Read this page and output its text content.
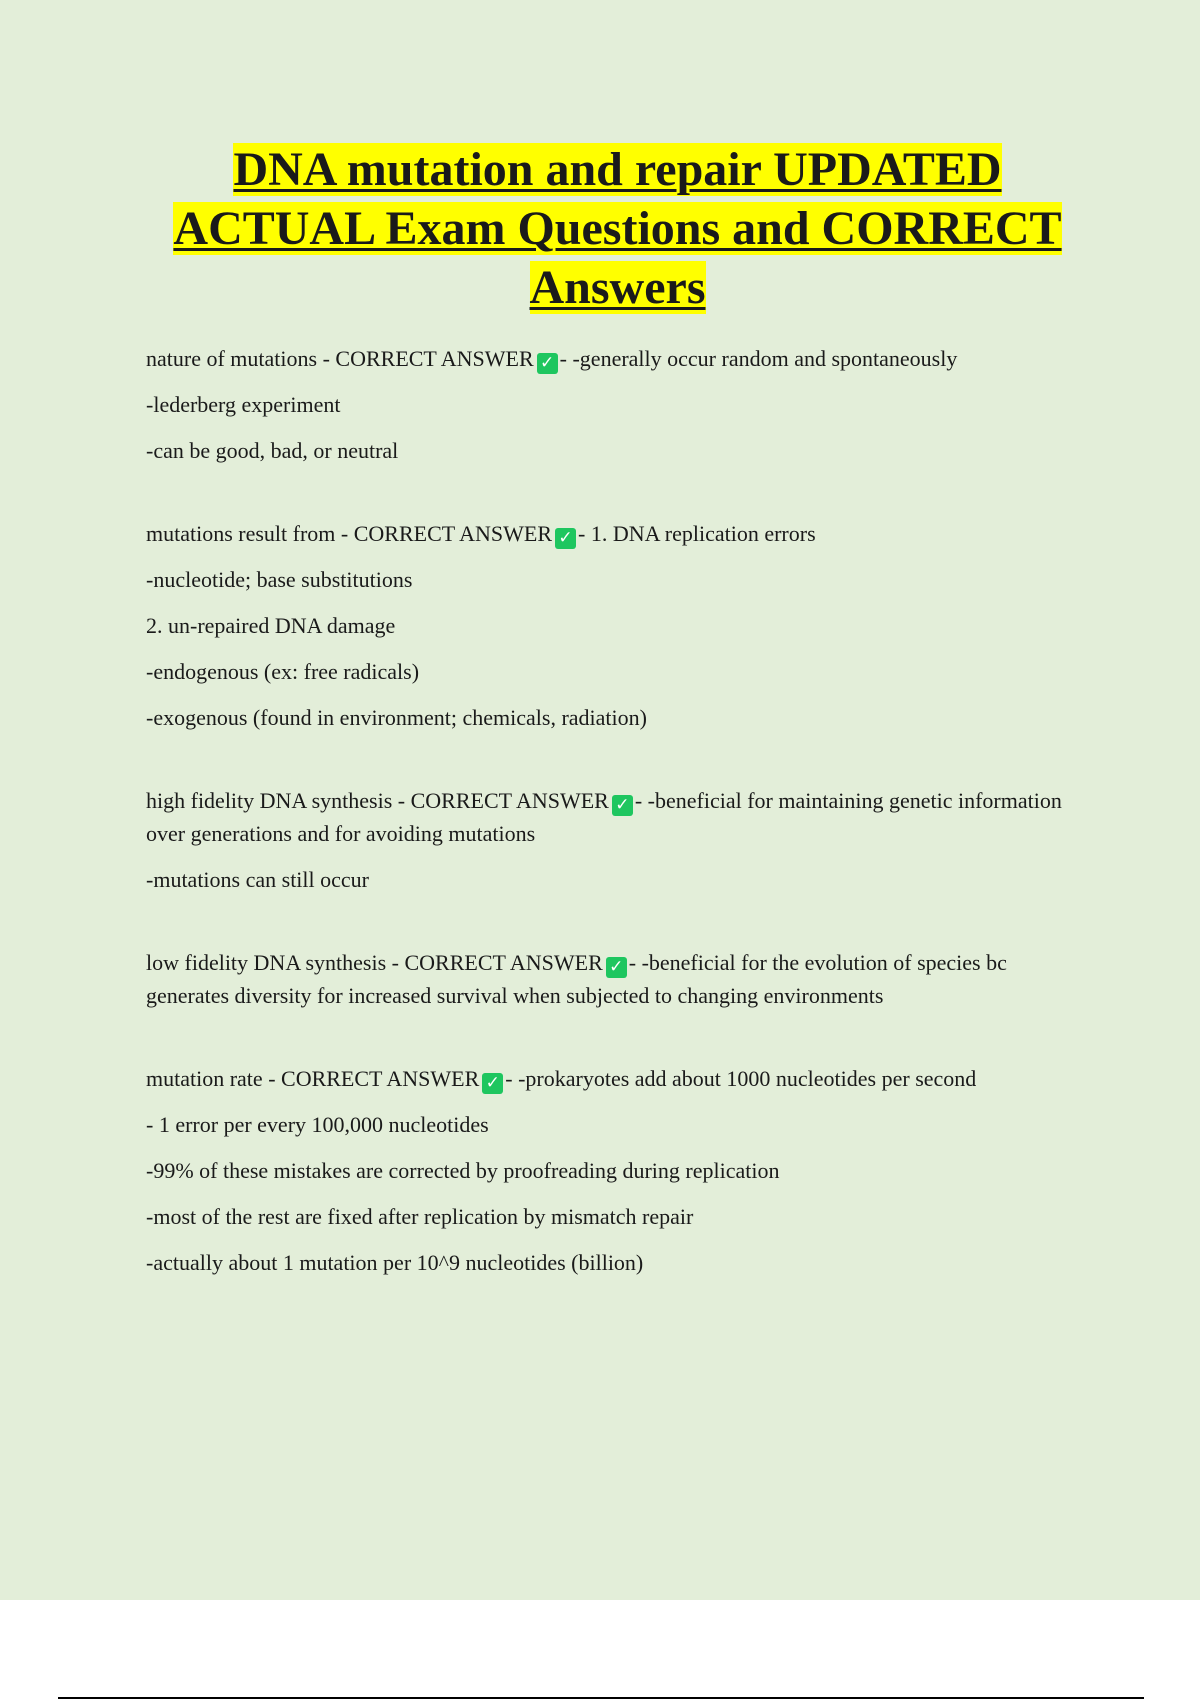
DNA mutation and repair UPDATED
ACTUAL Exam Questions and CORRECT
Answers
nature of mutations - CORRECT ANSWER ✓ - -generally occur random and spontaneously
-lederberg experiment
-can be good, bad, or neutral
mutations result from - CORRECT ANSWER ✓ - 1. DNA replication errors
-nucleotide; base substitutions
2. un-repaired DNA damage
-endogenous (ex: free radicals)
-exogenous (found in environment; chemicals, radiation)
high fidelity DNA synthesis - CORRECT ANSWER ✓ - -beneficial for maintaining genetic information over generations and for avoiding mutations
-mutations can still occur
low fidelity DNA synthesis - CORRECT ANSWER ✓ - -beneficial for the evolution of species bc generates diversity for increased survival when subjected to changing environments
mutation rate - CORRECT ANSWER ✓ - -prokaryotes add about 1000 nucleotides per second
- 1 error per every 100,000 nucleotides
-99% of these mistakes are corrected by proofreading during replication
-most of the rest are fixed after replication by mismatch repair
-actually about 1 mutation per 10^9 nucleotides (billion)
